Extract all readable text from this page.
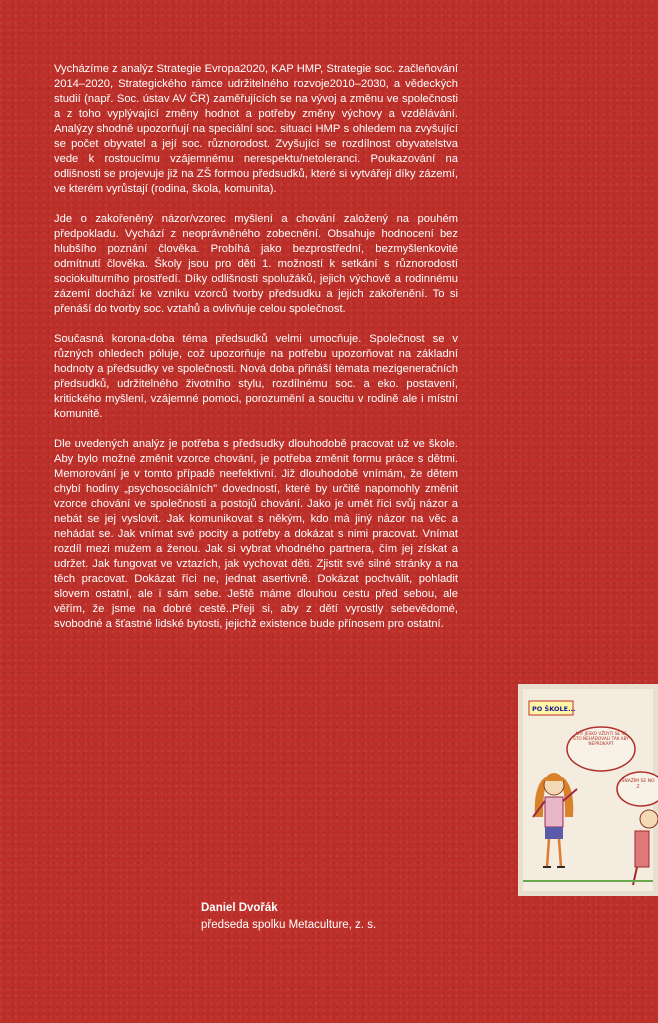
Vycházíme z analýz Strategie Evropa2020, KAP HMP, Strategie soc. začleňování 2014–2020, Strategického rámce udržitelného rozvoje2010–2030, a vědeckých studií (např. Soc. ústav AV ČR) zaměřujících se na vývoj a změnu ve společnosti a z toho vyplývající změny hodnot a potřeby změny výchovy a vzdělávání. Analýzy shodně upozorňují na speciální soc. situaci HMP s ohledem na zvyšující se počet obyvatel a její soc. různorodost. Zvyšující se rozdílnost obyvatelstva vede k rostoucímu vzájemnému nerespektu/netoleranci. Poukazování na odlišnosti se projevuje již na ZŠ formou předsudků, které si vytvářejí díky zázemí, ve kterém vyrůstají (rodina, škola, komunita).

Jde o zakořeněný názor/vzorec myšlení a chování založený na pouhém předpokladu. Vychází z neoprávněného zobecnění. Obsahuje hodnocení bez hlubšího poznání člověka. Probíhá jako bezprostřední, bezmyšlenkovité odmítnutí člověka. Školy jsou pro děti 1. možností k setkání s různorodostí sociokulturního prostředí. Díky odlišnosti spolužáků, jejich výchově a rodinnému zázemí dochází ke vzniku vzorců tvorby předsudku a jejich zakořenění. To si přenáší do tvorby soc. vztahů a ovlivňuje celou společnost.

Současná korona-doba téma předsudků velmi umocňuje. Společnost se v různých ohledech póluje, což upozorňuje na potřebu upozorňovat na základní hodnoty a předsudky ve společnosti. Nová doba přináší témata mezigeneračních předsudků, udržitelného životního stylu, rozdílnému soc. a eko. postavení, kritického myšlení, vzájemné pomoci, porozumění a soucitu v rodině ale i místní komunitě.

Dle uvedených analýz je potřeba s předsudky dlouhodobě pracovat už ve škole. Aby bylo možné změnit vzorce chování, je potřeba změnit formu práce s dětmi. Memorování je v tomto případě neefektivní. Již dlouhodobě vnímám, že dětem chybí hodiny „psychosociálních" dovedností, které by určitě napomohly změnit vzorce chování ve společnosti a postojů chování. Jako je umět říci svůj názor a nebát se jej vyslovit. Jak komunikovat s někým, kdo má jiný názor na věc a nehádat se. Jak vnímat své pocity a potřeby a dokázat s nimi pracovat. Vnímat rozdíl mezi mužem a ženou. Jak si vybrat vhodného partnera, čím jej získat a udržet. Jak fungovat ve vztazích, jak vychovat děti. Zjistit své silné stránky a na těch pracovat. Dokázat říci ne, jednat asertivně. Dokázat pochválit, pohladit slovem ostatní, ale i sám sebe. Ještě máme dlouhou cestu před sebou, ale věřím, že jsme na dobré cestě..Přeji si, aby z dětí vyrostly sebevědomé, svobodné a šťastné lidské bytosti, jejichž existence bude přínosem pro ostatní.

Daniel Dvořák
předseda spolku Metaculture, z. s.
PO ŠKOLE...
ARY JESKO VŽDYTI SE SE ŠTO NEHÁDOVALI TAK ABY NEPROKAPT
SNAŽÍM SE NO Z
